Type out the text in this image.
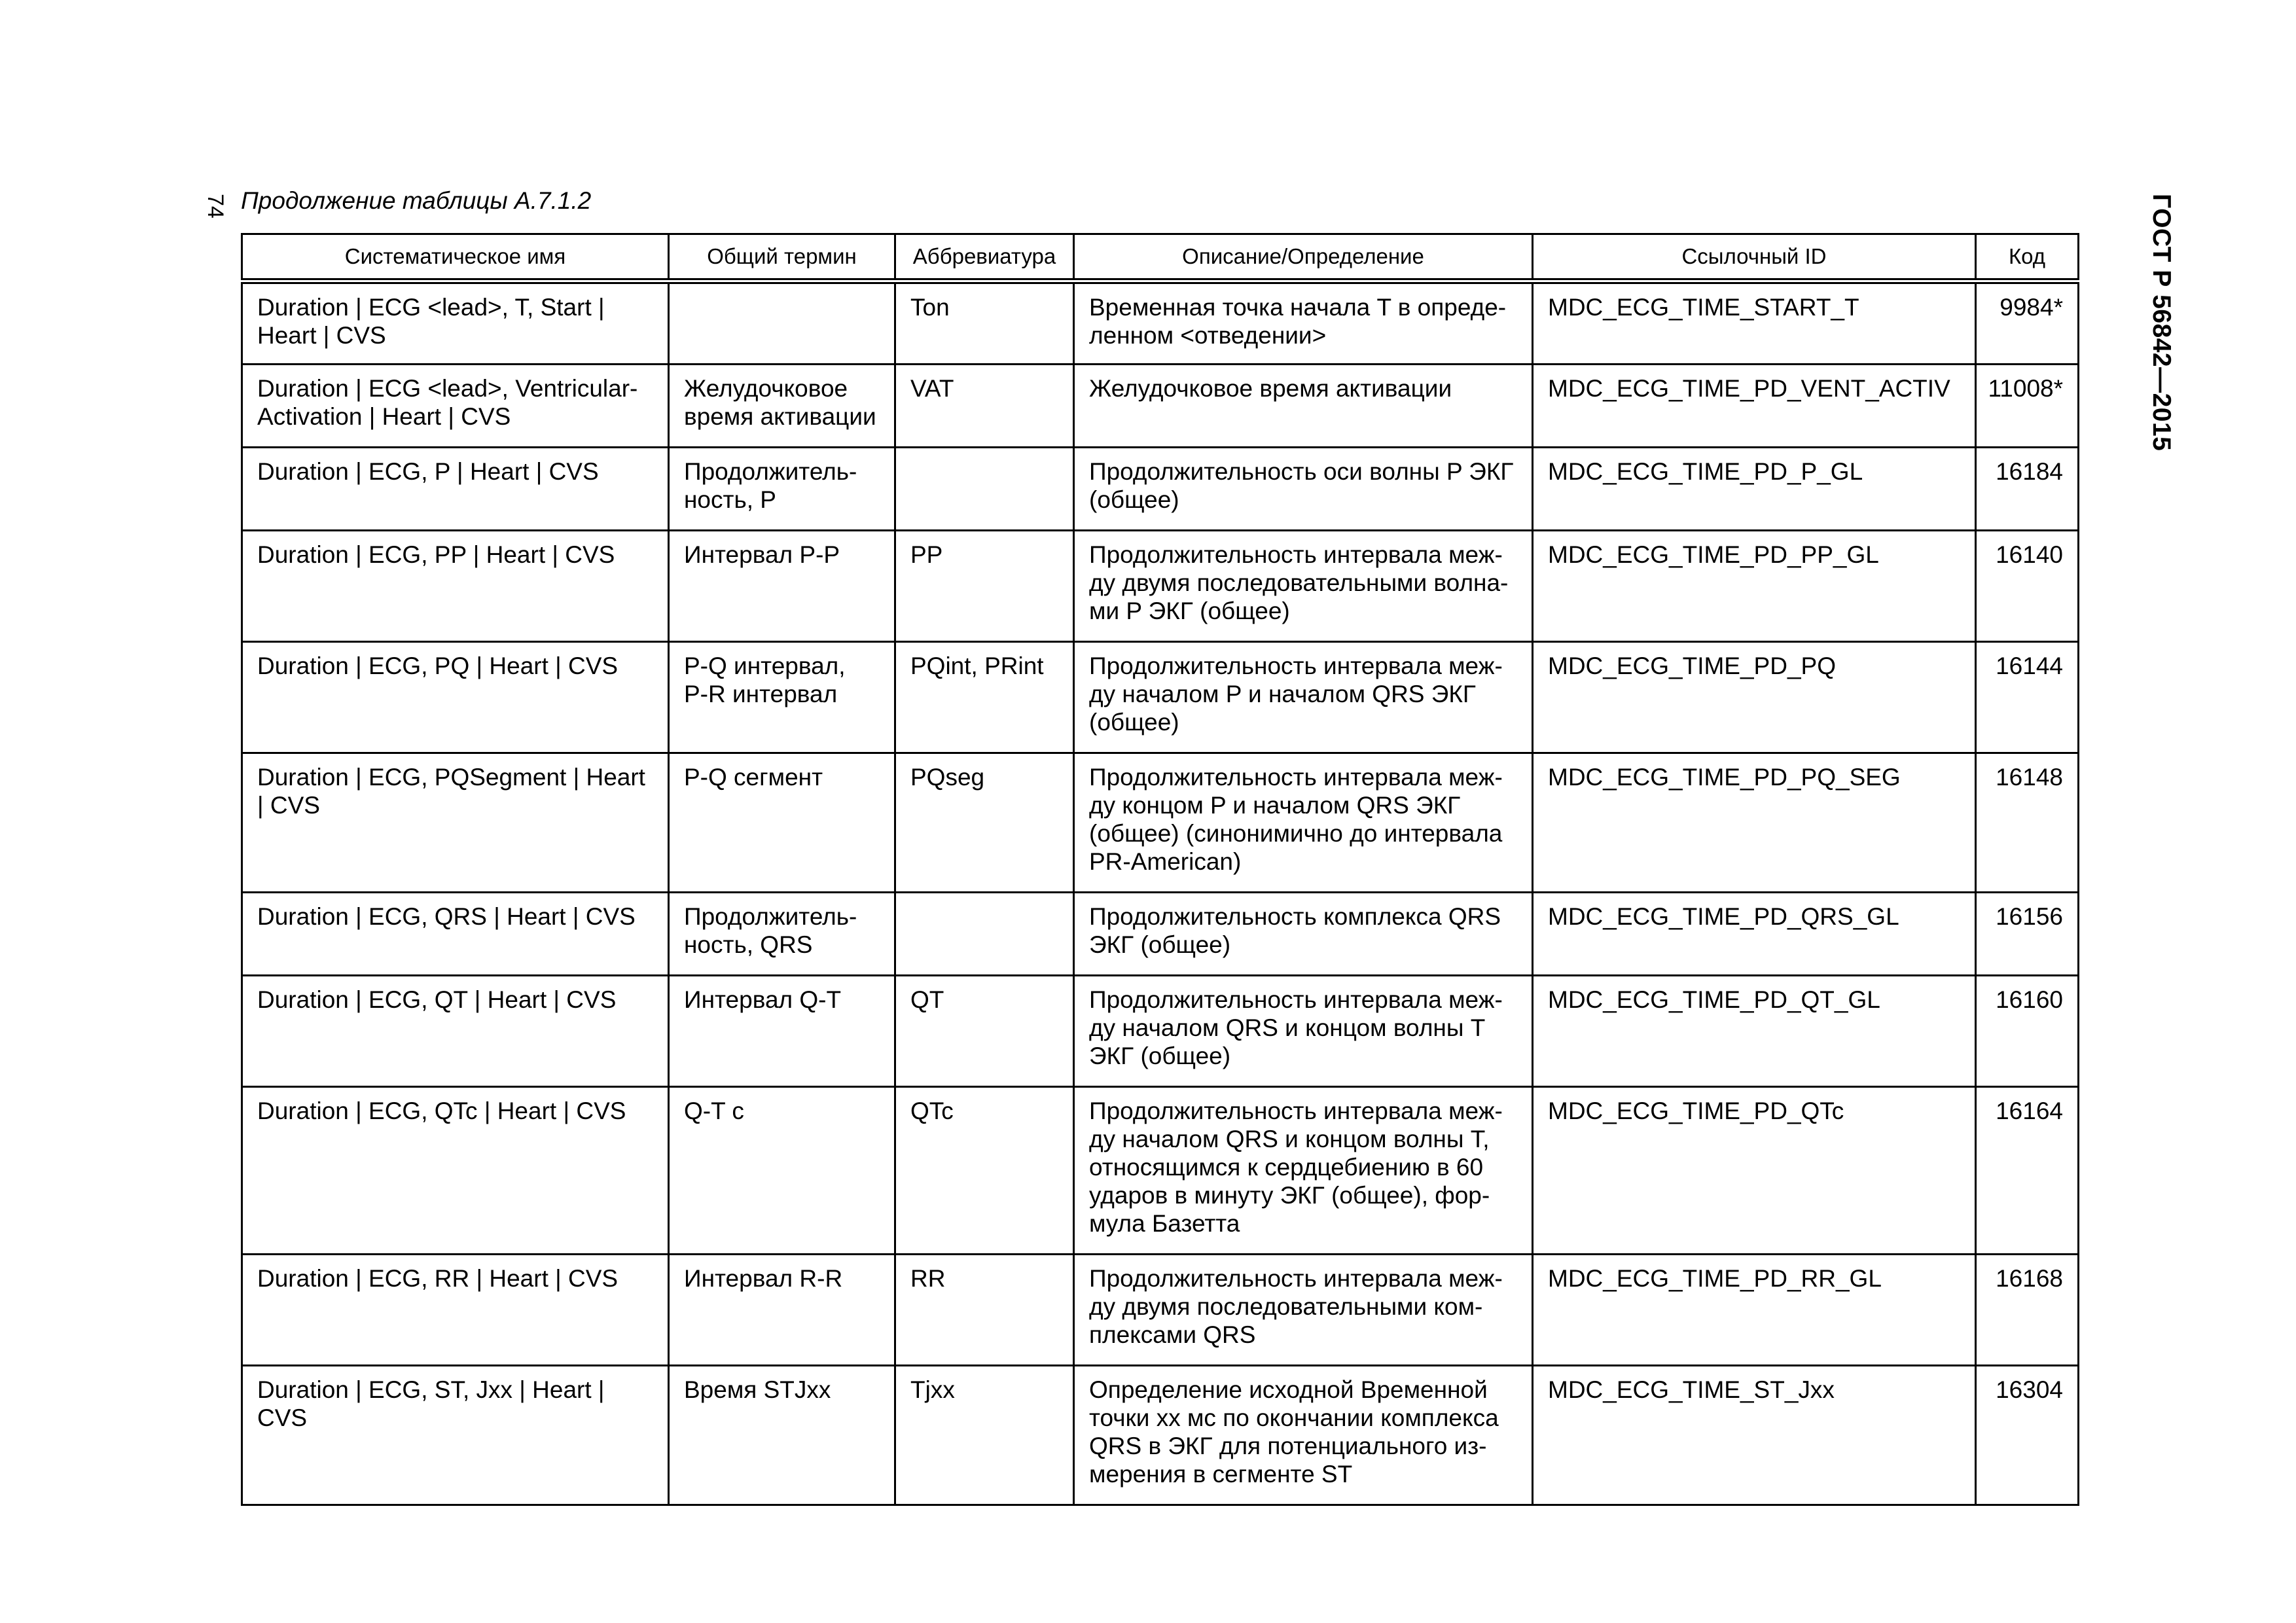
74 Продолжение таблицы А.7.1.2	ГОСТ Р 56842—2015
Систематическое имя	Общий термин	Аббревиатура	Описание/Определение	Ссылочный ID	Код

Duration | ECG <lead>, T, Start |
Heart | CVS		Ton	Временная точка начала T в опреде-
ленном <отведении>	MDC_ECG_TIME_START_T	9984*

Duration | ECG <lead>, Ventricular-
Activation | Heart | CVS	Желудочковое
время активации	VAT	Желудочковое время активации	MDC_ECG_TIME_PD_VENT_ACTIV	11008*

Duration | ECG, P | Heart | CVS	Продолжитель-
ность, P		Продолжительность оси волны P ЭКГ
(общее)	MDC_ECG_TIME_PD_P_GL	16184

Duration | ECG, PP | Heart | CVS	Интервал P-P	PP	Продолжительность интервала меж-
ду двумя последовательными волна-
ми P ЭКГ (общее)	MDC_ECG_TIME_PD_PP_GL	16140

Duration | ECG, PQ | Heart | CVS	P-Q интервал,
P-R интервал	PQint, PRint	Продолжительность интервала меж-
ду началом P и началом QRS ЭКГ
(общее)	MDC_ECG_TIME_PD_PQ	16144

Duration | ECG, PQSegment | Heart
| CVS	P-Q сегмент	PQseg	Продолжительность интервала меж-
ду концом P и началом QRS ЭКГ
(общее) (синонимично до интервала
PR-American)	MDC_ECG_TIME_PD_PQ_SEG	16148

Duration | ECG, QRS | Heart | CVS	Продолжитель-
ность, QRS		Продолжительность комплекса QRS
ЭКГ (общее)	MDC_ECG_TIME_PD_QRS_GL	16156

Duration | ECG, QT | Heart | CVS	Интервал Q-T	QT	Продолжительность интервала меж-
ду началом QRS и концом волны T
ЭКГ (общее)	MDC_ECG_TIME_PD_QT_GL	16160

Duration | ECG, QTc | Heart | CVS	Q-T c	QTc	Продолжительность интервала меж-
ду началом QRS и концом волны T,
относящимся к сердцебиению в 60
ударов в минуту ЭКГ (общее), фор-
мула Базетта	MDC_ECG_TIME_PD_QTc	16164

Duration | ECG, RR | Heart | CVS	Интервал R-R	RR	Продолжительность интервала меж-
ду двумя последовательными ком-
плексами QRS	MDC_ECG_TIME_PD_RR_GL	16168

Duration | ECG, ST, Jxx | Heart |
CVS	Время STJxx	Tjxx	Определение исходной Временной
точки xx мс по окончании комплекса
QRS в ЭКГ для потенциального из-
мерения в сегменте ST	MDC_ECG_TIME_ST_Jxx	16304
